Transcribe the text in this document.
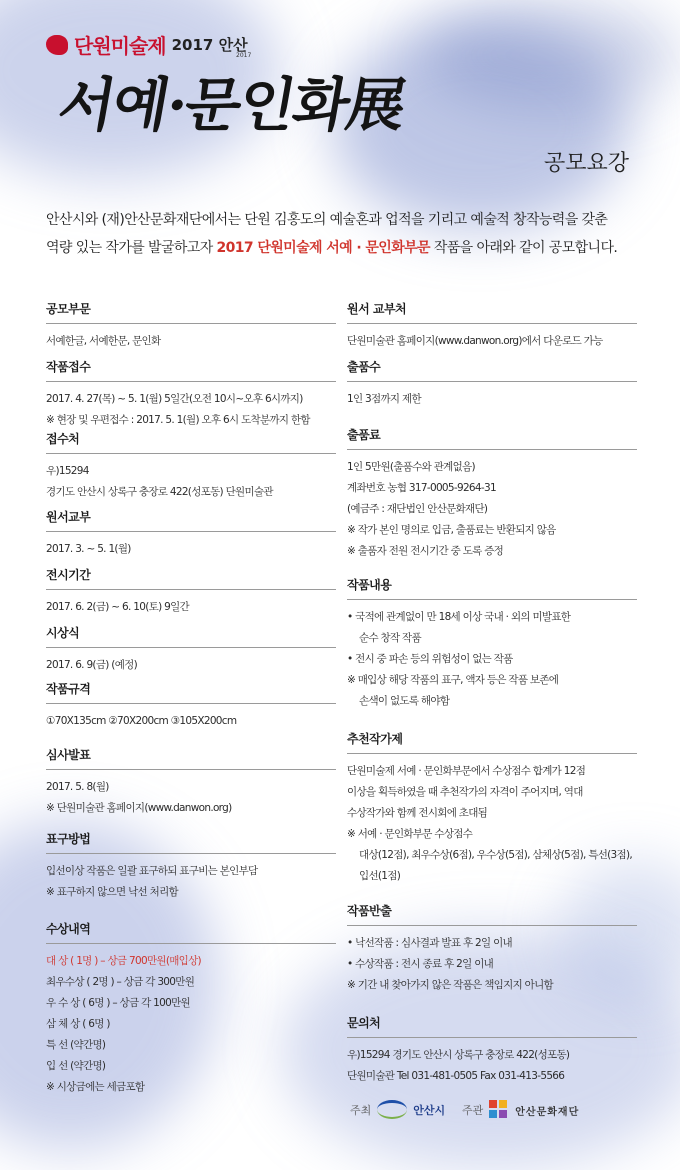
단원미술제 2017 안산
2017
서예·문인화展
공모요강
안산시와 (재)안산문화재단에서는 단원 김홍도의 예술혼과 업적을 기리고 예술적 창작능력을 갖춘
역량 있는 작가를 발굴하고자 2017 단원미술제 서예 · 문인화부문 작품을 아래와 같이 공모합니다.
공모부문
서예한글, 서예한문, 문인화
작품접수
2017. 4. 27(목) ~ 5. 1(월) 5일간(오전 10시~오후 6시까지)
※ 현장 및 우편접수 : 2017. 5. 1(월) 오후 6시 도착분까지 한함
접수처
우)15294
경기도 안산시 상록구 충장로 422(성포동) 단원미술관
원서교부
2017. 3. ~ 5. 1(월)
전시기간
2017. 6. 2(금) ~ 6. 10(토) 9일간
시상식
2017. 6. 9(금) (예정)
작품규격
①70X135cm ②70X200cm ③105X200cm
심사발표
2017. 5. 8(월)
※ 단원미술관 홈페이지(www.danwon.org)
표구방법
입선이상 작품은 일괄 표구하되 표구비는 본인부담
※ 표구하지 않으면 낙선 처리함
수상내역
대 상 ( 1명 ) – 상금 700만원(매입상)
최우수상 ( 2명 ) – 상금 각 300만원
우 수 상 ( 6명 ) – 상금 각 100만원
삼 체 상 ( 6명 )
특 선 (약간명)
입 선 (약간명)
※ 시상금에는 세금포함
원서 교부처
단원미술관 홈페이지(www.danwon.org)에서 다운로드 가능
출품수
1인 3점까지 제한
출품료
1인 5만원(출품수와 관계없음)
계좌번호 농협 317-0005-9264-31
(예금주 : 재단법인 안산문화재단)
※ 작가 본인 명의로 입금, 출품료는 반환되지 않음
※ 출품자 전원 전시기간 중 도록 증정
작품내용
• 국적에 관계없이 만 18세 이상 국내 · 외의 미발표한
순수 창작 작품
• 전시 중 파손 등의 위험성이 없는 작품
※ 매입상 해당 작품의 표구, 액자 등은 작품 보존에
손색이 없도록 해야함
추천작가제
단원미술제 서예 · 문인화부문에서 수상점수 합계가 12점
이상을 획득하였을 때 추천작가의 자격이 주어지며, 역대
수상작가와 함께 전시회에 초대됨
※ 서예 · 문인화부문 수상점수
대상(12점), 최우수상(6점), 우수상(5점), 삼체상(5점), 특선(3점),
입선(1점)
작품반출
• 낙선작품 : 심사결과 발표 후 2일 이내
• 수상작품 : 전시 종료 후 2일 이내
※ 기간 내 찾아가지 않은 작품은 책임지지 아니함
문의처
우)15294 경기도 안산시 상록구 충장로 422(성포동)
단원미술관 Tel 031-481-0505 Fax 031-413-5566
주최	안산시 주관	안산문화재단
